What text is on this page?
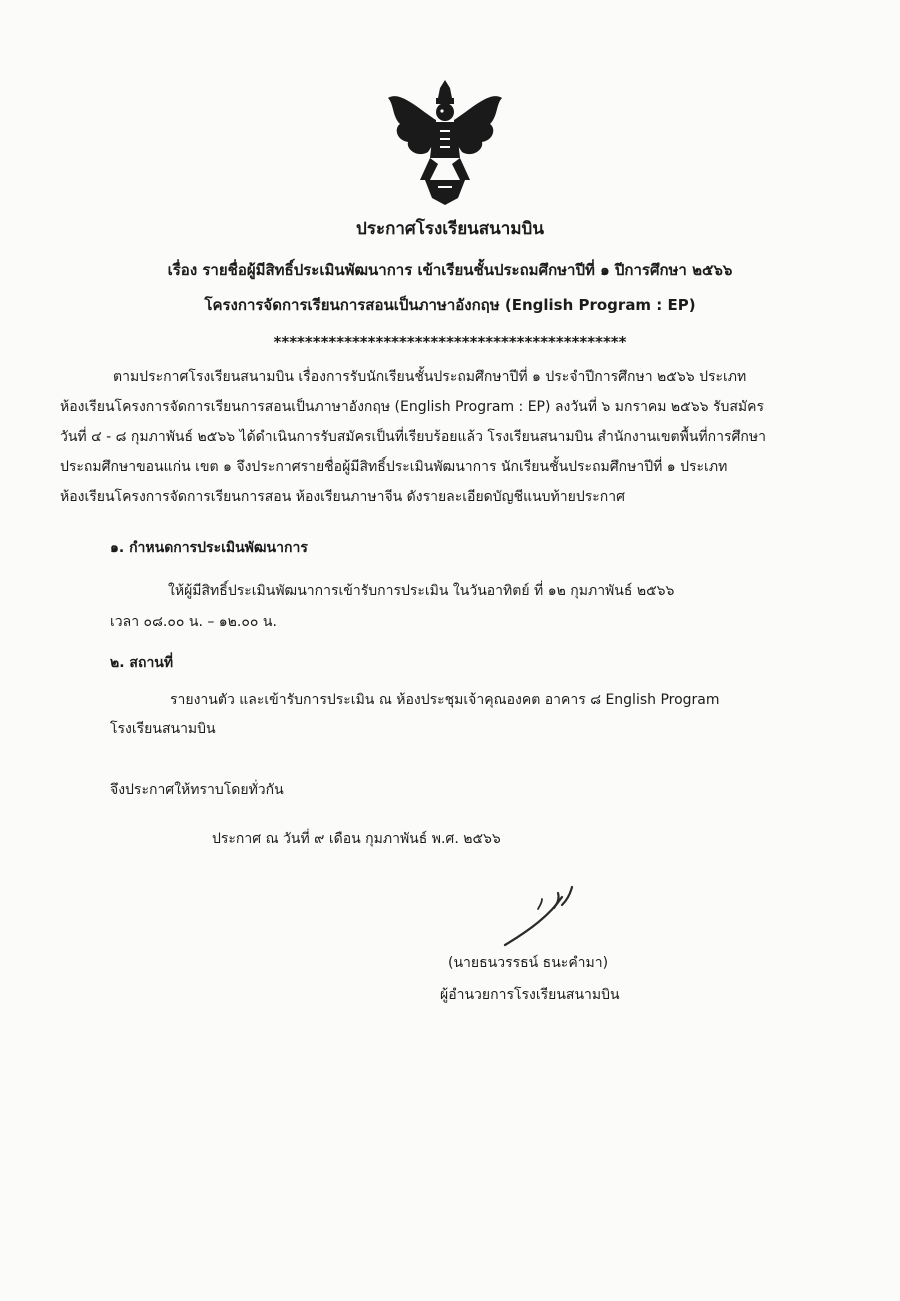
ประกาศโรงเรียนสนามบิน
เรื่อง รายชื่อผู้มีสิทธิ์ประเมินพัฒนาการ เข้าเรียนชั้นประถมศึกษาปีที่ ๑ ปีการศึกษา ๒๕๖๖
โครงการจัดการเรียนการสอนเป็นภาษาอังกฤษ (English Program : EP)
*********************************************
ตามประกาศโรงเรียนสนามบิน เรื่องการรับนักเรียนชั้นประถมศึกษาปีที่ ๑ ประจำปีการศึกษา ๒๕๖๖ ประเภท
ห้องเรียนโครงการจัดการเรียนการสอนเป็นภาษาอังกฤษ (English Program : EP) ลงวันที่ ๖ มกราคม ๒๕๖๖ รับสมัคร
วันที่ ๔ - ๘ กุมภาพันธ์ ๒๕๖๖ ได้ดำเนินการรับสมัครเป็นที่เรียบร้อยแล้ว โรงเรียนสนามบิน สำนักงานเขตพื้นที่การศึกษา
ประถมศึกษาขอนแก่น เขต ๑ จึงประกาศรายชื่อผู้มีสิทธิ์ประเมินพัฒนาการ นักเรียนชั้นประถมศึกษาปีที่ ๑ ประเภท
ห้องเรียนโครงการจัดการเรียนการสอน ห้องเรียนภาษาจีน ดังรายละเอียดบัญชีแนบท้ายประกาศ
๑. กำหนดการประเมินพัฒนาการ
ให้ผู้มีสิทธิ์ประเมินพัฒนาการเข้ารับการประเมิน ในวันอาทิตย์ ที่ ๑๒ กุมภาพันธ์ ๒๕๖๖
เวลา ๐๘.๐๐ น. – ๑๒.๐๐ น.
๒. สถานที่
รายงานตัว และเข้ารับการประเมิน ณ ห้องประชุมเจ้าคุณองคต อาคาร ๘ English Program
โรงเรียนสนามบิน
จึงประกาศให้ทราบโดยทั่วกัน
ประกาศ ณ วันที่ ๙ เดือน กุมภาพันธ์ พ.ศ. ๒๕๖๖
(นายธนวรรธน์ ธนะคำมา)
ผู้อำนวยการโรงเรียนสนามบิน
